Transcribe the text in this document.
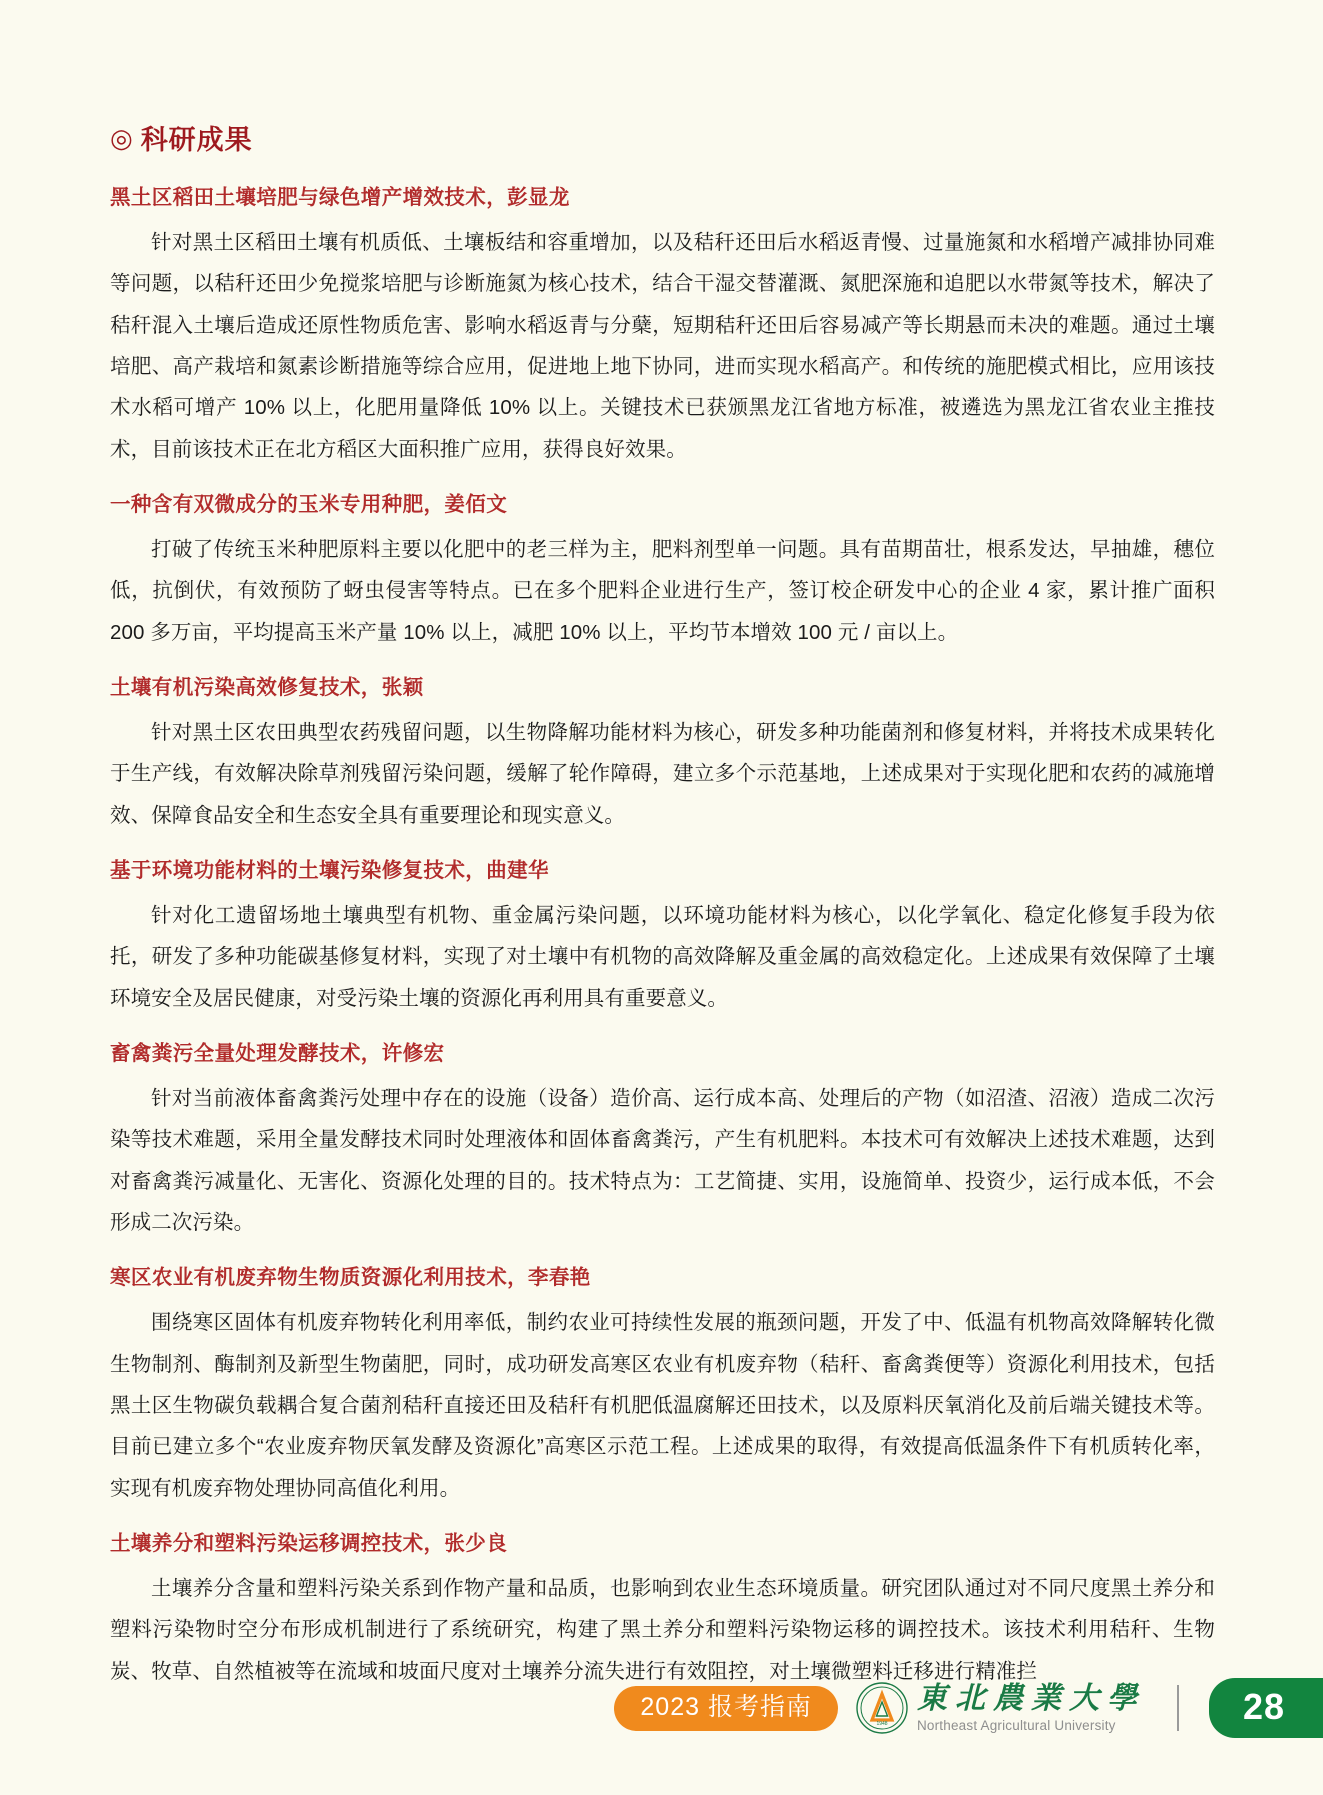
◎ 科研成果
黑土区稻田土壤培肥与绿色增产增效技术，彭显龙

针对黑土区稻田土壤有机质低、土壤板结和容重增加，以及秸秆还田后水稻返青慢、过量施氮和水稻增产减排协同难等问题，以秸秆还田少免搅浆培肥与诊断施氮为核心技术，结合干湿交替灌溉、氮肥深施和追肥以水带氮等技术，解决了秸秆混入土壤后造成还原性物质危害、影响水稻返青与分蘖，短期秸秆还田后容易减产等长期悬而未决的难题。通过土壤培肥、高产栽培和氮素诊断措施等综合应用，促进地上地下协同，进而实现水稻高产。和传统的施肥模式相比，应用该技术水稻可增产 10% 以上，化肥用量降低 10% 以上。关键技术已获颁黑龙江省地方标准，被遴选为黑龙江省农业主推技术，目前该技术正在北方稻区大面积推广应用，获得良好效果。

一种含有双微成分的玉米专用种肥，姜佰文

打破了传统玉米种肥原料主要以化肥中的老三样为主，肥料剂型单一问题。具有苗期苗壮，根系发达，早抽雄，穗位低，抗倒伏，有效预防了蚜虫侵害等特点。已在多个肥料企业进行生产，签订校企研发中心的企业 4 家，累计推广面积 200 多万亩，平均提高玉米产量 10% 以上，减肥 10% 以上，平均节本增效 100 元 / 亩以上。

土壤有机污染高效修复技术，张颖

针对黑土区农田典型农药残留问题，以生物降解功能材料为核心，研发多种功能菌剂和修复材料，并将技术成果转化于生产线，有效解决除草剂残留污染问题，缓解了轮作障碍，建立多个示范基地，上述成果对于实现化肥和农药的减施增效、保障食品安全和生态安全具有重要理论和现实意义。

基于环境功能材料的土壤污染修复技术，曲建华

针对化工遗留场地土壤典型有机物、重金属污染问题，以环境功能材料为核心，以化学氧化、稳定化修复手段为依托，研发了多种功能碳基修复材料，实现了对土壤中有机物的高效降解及重金属的高效稳定化。上述成果有效保障了土壤环境安全及居民健康，对受污染土壤的资源化再利用具有重要意义。

畜禽粪污全量处理发酵技术，许修宏

针对当前液体畜禽粪污处理中存在的设施（设备）造价高、运行成本高、处理后的产物（如沼渣、沼液）造成二次污染等技术难题，采用全量发酵技术同时处理液体和固体畜禽粪污，产生有机肥料。本技术可有效解决上述技术难题，达到对畜禽粪污减量化、无害化、资源化处理的目的。技术特点为：工艺简捷、实用，设施简单、投资少，运行成本低，不会形成二次污染。

寒区农业有机废弃物生物质资源化利用技术，李春艳

围绕寒区固体有机废弃物转化利用率低，制约农业可持续性发展的瓶颈问题，开发了中、低温有机物高效降解转化微生物制剂、酶制剂及新型生物菌肥，同时，成功研发高寒区农业有机废弃物（秸秆、畜禽粪便等）资源化利用技术，包括黑土区生物碳负载耦合复合菌剂秸秆直接还田及秸秆有机肥低温腐解还田技术，以及原料厌氧消化及前后端关键技术等。目前已建立多个“农业废弃物厌氧发酵及资源化”高寒区示范工程。上述成果的取得，有效提高低温条件下有机质转化率，实现有机废弃物处理协同高值化利用。

土壤养分和塑料污染运移调控技术，张少良

土壤养分含量和塑料污染关系到作物产量和品质，也影响到农业生态环境质量。研究团队通过对不同尺度黑土养分和塑料污染物时空分布形成机制进行了系统研究，构建了黑土养分和塑料污染物运移的调控技术。该技术利用秸秆、生物炭、牧草、自然植被等在流域和坡面尺度对土壤养分流失进行有效阻控，对土壤微塑料迁移进行精准拦

2023 报考指南
1948
東北農業大學
Northeast Agricultural University	28
